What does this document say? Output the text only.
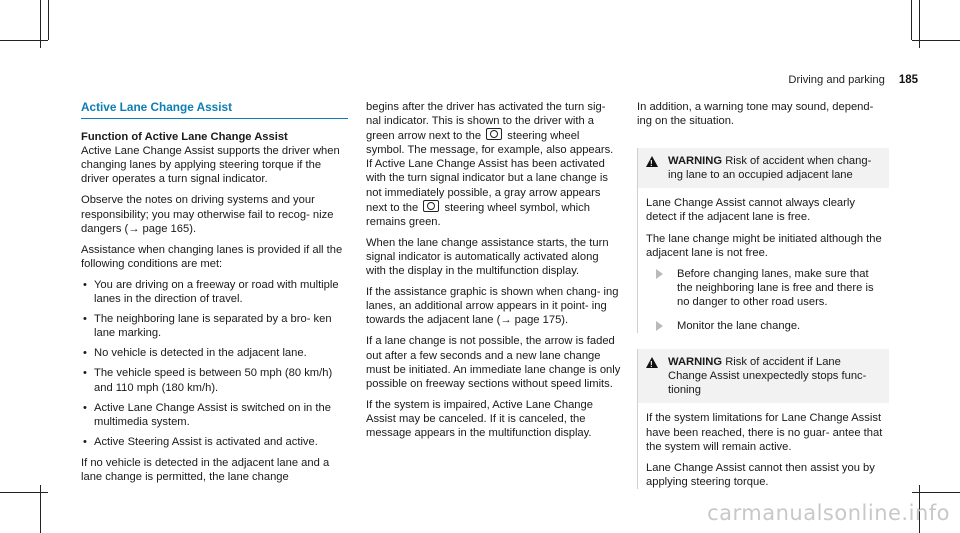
Driving and parking 185
Active Lane Change Assist
Function of Active Lane Change Assist

Active Lane Change Assist supports the driver when changing lanes by applying steering torque if the driver operates a turn signal indicator.

Observe the notes on driving systems and your responsibility; you may otherwise fail to recog- nize dangers (→ page 165).

Assistance when changing lanes is provided if all the following conditions are met:

• You are driving on a freeway or road with multiple lanes in the direction of travel.
• The neighboring lane is separated by a bro- ken lane marking.
• No vehicle is detected in the adjacent lane.
• The vehicle speed is between 50 mph (80 km/h) and 110 mph (180 km/h).
• Active Lane Change Assist is switched on in the multimedia system.
• Active Steering Assist is activated and active.

If no vehicle is detected in the adjacent lane and a lane change is permitted, the lane change

begins after the driver has activated the turn sig- nal indicator. This is shown to the driver with a green arrow next to the steering wheel symbol. The message, for example, also appears. If Active Lane Change Assist has been activated with the turn signal indicator but a lane change is not immediately possible, a gray arrow appears next to the steering wheel symbol, which remains green.

When the lane change assistance starts, the turn signal indicator is automatically activated along with the display in the multifunction display.

If the assistance graphic is shown when chang- ing lanes, an additional arrow appears in it point- ing towards the adjacent lane (→ page 175).

If a lane change is not possible, the arrow is faded out after a few seconds and a new lane change must be initiated. An immediate lane change is only possible on freeway sections without speed limits.

If the system is impaired, Active Lane Change Assist may be canceled. If it is canceled, the message appears in the multifunction display.

In addition, a warning tone may sound, depend- ing on the situation.

!
WARNING Risk of accident when chang- ing lane to an occupied adjacent lane

Lane Change Assist cannot always clearly detect if the adjacent lane is free.

The lane change might be initiated although the adjacent lane is not free.

Before changing lanes, make sure that the neighboring lane is free and there is no danger to other road users.
Monitor the lane change.
!
WARNING Risk of accident if Lane Change Assist unexpectedly stops func- tioning

If the system limitations for Lane Change Assist have been reached, there is no guar- antee that the system will remain active.

Lane Change Assist cannot then assist you by applying steering torque.

carmanualsonline.info
